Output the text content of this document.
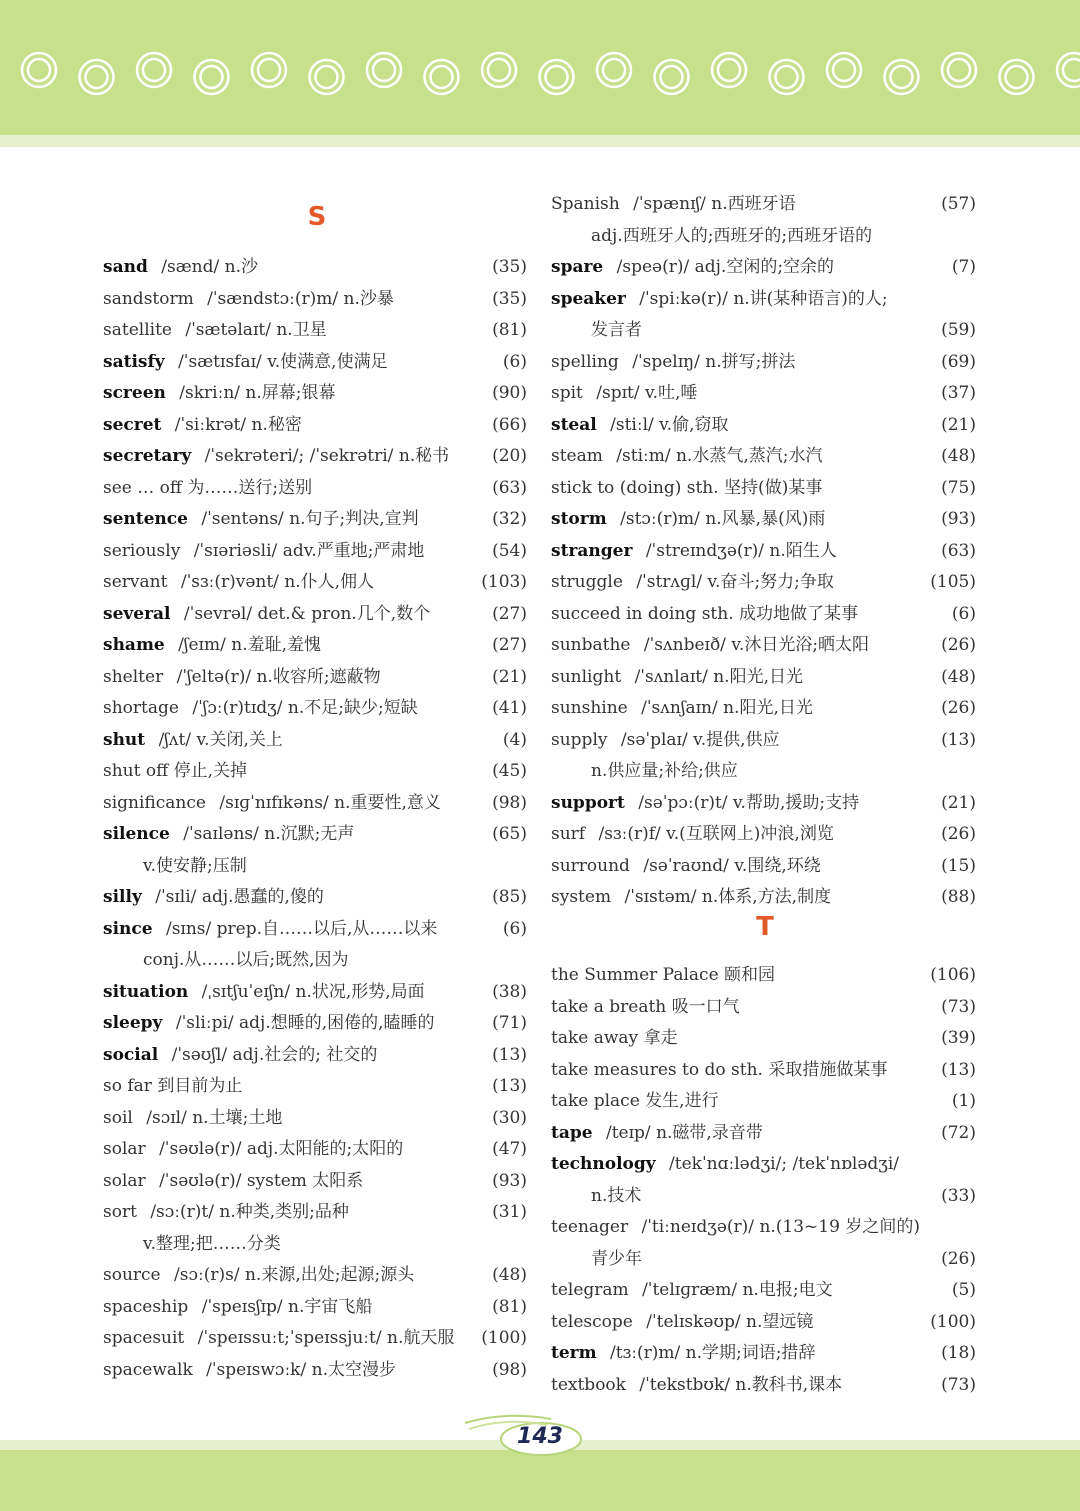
S
T
sand /sænd/ n.沙	(35)
sandstorm /ˈsændstɔː(r)m/ n.沙暴	(35)
satellite /ˈsætəlaɪt/ n.卫星	(81)
satisfy /ˈsætɪsfaɪ/ v.使满意,使满足	(6)
screen /skriːn/ n.屏幕;银幕	(90)
secret /ˈsiːkrət/ n.秘密	(66)
secretary /ˈsekrəteri/; /ˈsekrətri/ n.秘书	(20)
see … off 为……送行;送别	(63)
sentence /ˈsentəns/ n.句子;判决,宣判	(32)
seriously /ˈsɪəriəsli/ adv.严重地;严肃地	(54)
servant /ˈsɜː(r)vənt/ n.仆人,佣人	(103)
several /ˈsevrəl/ det.& pron.几个,数个	(27)
shame /ʃeɪm/ n.羞耻,羞愧	(27)
shelter /ˈʃeltə(r)/ n.收容所;遮蔽物	(21)
shortage /ˈʃɔː(r)tɪdʒ/ n.不足;缺少;短缺	(41)
shut /ʃʌt/ v.关闭,关上	(4)
shut off 停止,关掉	(45)
significance /sɪɡˈnɪfɪkəns/ n.重要性,意义	(98)
silence /ˈsaɪləns/ n.沉默;无声	(65)
v.使安静;压制
silly /ˈsɪli/ adj.愚蠢的,傻的	(85)
since /sɪns/ prep.自……以后,从……以来	(6)
conj.从……以后;既然,因为
situation /ˌsɪtʃuˈeɪʃn/ n.状况,形势,局面	(38)
sleepy /ˈsliːpi/ adj.想睡的,困倦的,瞌睡的	(71)
social /ˈsəʊʃl/ adj.社会的; 社交的	(13)
so far 到目前为止	(13)
soil /sɔɪl/ n.土壤;土地	(30)
solar /ˈsəʊlə(r)/ adj.太阳能的;太阳的	(47)
solar /ˈsəʊlə(r)/ system 太阳系	(93)
sort /sɔː(r)t/ n.种类,类别;品种	(31)
v.整理;把……分类
source /sɔː(r)s/ n.来源,出处;起源;源头	(48)
spaceship /ˈspeɪsʃɪp/ n.宇宙飞船	(81)
spacesuit /ˈspeɪssuːt;ˈspeɪssjuːt/ n.航天服 (100)
spacewalk /ˈspeɪswɔːk/ n.太空漫步	(98)
Spanish /ˈspænɪʃ/ n.西班牙语	(57)
adj.西班牙人的;西班牙的;西班牙语的
spare /speə(r)/ adj.空闲的;空余的	(7)
speaker /ˈspiːkə(r)/ n.讲(某种语言)的人;
发言者	(59)
spelling /ˈspelɪŋ/ n.拼写;拼法	(69)
spit /spɪt/ v.吐,唾	(37)
steal /stiːl/ v.偷,窃取	(21)
steam /stiːm/ n.水蒸气,蒸汽;水汽	(48)
stick to (doing) sth. 坚持(做)某事	(75)
storm /stɔː(r)m/ n.风暴,暴(风)雨	(93)
stranger /ˈstreɪndʒə(r)/ n.陌生人	(63)
struggle /ˈstrʌɡl/ v.奋斗;努力;争取	(105)
succeed in doing sth. 成功地做了某事	(6)
sunbathe /ˈsʌnbeɪð/ v.沐日光浴;晒太阳	(26)
sunlight /ˈsʌnlaɪt/ n.阳光,日光	(48)
sunshine /ˈsʌnʃaɪn/ n.阳光,日光	(26)
supply /səˈplaɪ/ v.提供,供应	(13)
n.供应量;补给;供应
support /səˈpɔː(r)t/ v.帮助,援助;支持	(21)
surf /sɜː(r)f/ v.(互联网上)冲浪,浏览	(26)
surround /səˈraʊnd/ v.围绕,环绕	(15)
system /ˈsɪstəm/ n.体系,方法,制度	(88)
the Summer Palace 颐和园	(106)
take a breath 吸一口气	(73)
take away 拿走	(39)
take measures to do sth. 采取措施做某事	(13)
take place 发生,进行	(1)
tape /teɪp/ n.磁带,录音带	(72)
technology /tekˈnɑːlədʒi/; /tekˈnɒlədʒi/
n.技术	(33)
teenager /ˈtiːneɪdʒə(r)/ n.(13~19 岁之间的)
青少年	(26)
telegram /ˈtelɪɡræm/ n.电报;电文	(5)
telescope /ˈtelɪskəʊp/ n.望远镜	(100)
term /tɜː(r)m/ n.学期;词语;措辞	(18)
textbook /ˈtekstbʊk/ n.教科书,课本	(73)
143
